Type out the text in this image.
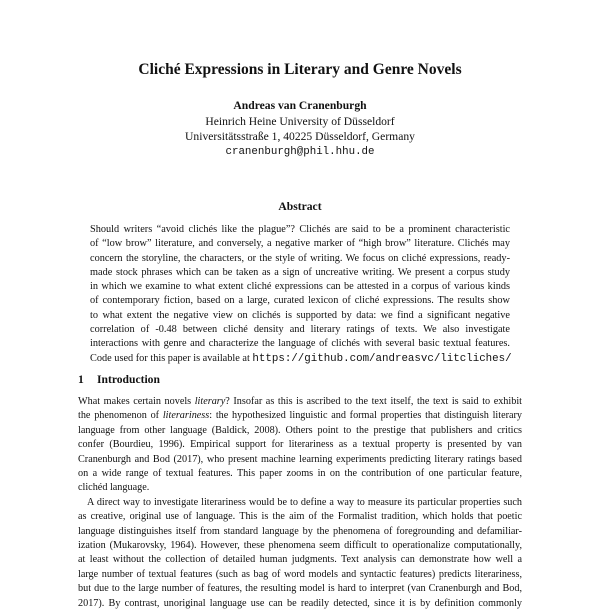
Cliché Expressions in Literary and Genre Novels
Andreas van Cranenburgh
Heinrich Heine University of Düsseldorf
Universitätsstraße 1, 40225 Düsseldorf, Germany
cranenburgh@phil.hhu.de
Abstract
Should writers “avoid clichés like the plague”? Clichés are said to be a prominent characteristic
of “low brow” literature, and conversely, a negative marker of “high brow” literature. Clichés may
concern the storyline, the characters, or the style of writing. We focus on cliché expressions, ready-
made stock phrases which can be taken as a sign of uncreative writing. We present a corpus study
in which we examine to what extent cliché expressions can be attested in a corpus of various kinds
of contemporary fiction, based on a large, curated lexicon of cliché expressions. The results show
to what extent the negative view on clichés is supported by data: we find a significant negative
correlation of -0.48 between cliché density and literary ratings of texts. We also investigate
interactions with genre and characterize the language of clichés with several basic textual features.
Code used for this paper is available at https://github.com/andreasvc/litcliches/
1 Introduction
What makes certain novels literary? Insofar as this is ascribed to the text itself, the text is said to exhibit
the phenomenon of literariness: the hypothesized linguistic and formal properties that distinguish literary
language from other language (Baldick, 2008). Others point to the prestige that publishers and critics
confer (Bourdieu, 1996). Empirical support for literariness as a textual property is presented by van
Cranenburgh and Bod (2017), who present machine learning experiments predicting literary ratings based
on a wide range of textual features. This paper zooms in on the contribution of one particular feature,
clichéd language.
A direct way to investigate literariness would be to define a way to measure its particular properties such
as creative, original use of language. This is the aim of the Formalist tradition, which holds that poetic
language distinguishes itself from standard language by the phenomena of foregrounding and defamiliar-
ization (Mukarovsky, 1964). However, these phenomena seem difficult to operationalize computationally,
at least without the collection of detailed human judgments. Text analysis can demonstrate how well a
large number of textual features (such as bag of word models and syntactic features) predicts literariness,
but due to the large number of features, the resulting model is hard to interpret (van Cranenburgh and Bod,
2017). By contrast, unoriginal language use can be readily detected, since it is by definition commonly
